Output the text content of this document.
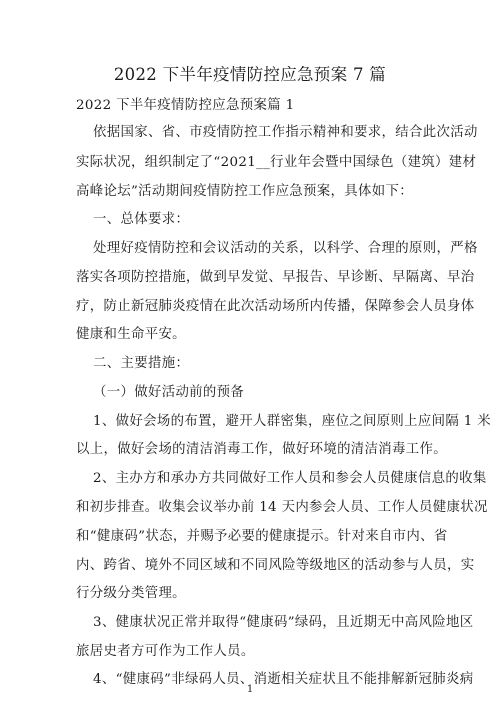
2022 下半年疫情防控应急预案 7 篇
2022 下半年疫情防控应急预案篇 1
依据国家、省、市疫情防控工作指示精神和要求，结合此次活动
实际状况，组织制定了“2021__行业年会暨中国绿色（建筑）建材
高峰论坛”活动期间疫情防控工作应急预案，具体如下：
一、总体要求：
处理好疫情防控和会议活动的关系，以科学、合理的原则，严格
落实各项防控措施，做到早发觉、早报告、早诊断、早隔离、早治
疗，防止新冠肺炎疫情在此次活动场所内传播，保障参会人员身体
健康和生命平安。
二、主要措施：
（一）做好活动前的预备
1、做好会场的布置，避开人群密集，座位之间原则上应间隔 1 米
以上，做好会场的清洁消毒工作，做好环境的清洁消毒工作。
2、主办方和承办方共同做好工作人员和参会人员健康信息的收集
和初步排查。收集会议举办前 14 天内参会人员、工作人员健康状况
和“健康码”状态，并赐予必要的健康提示。针对来自市内、省
内、跨省、境外不同区域和不同风险等级地区的活动参与人员，实
行分级分类管理。
3、健康状况正常并取得“健康码”绿码，且近期无中高风险地区
旅居史者方可作为工作人员。
4、“健康码”非绿码人员、消逝相关症状且不能排解新冠肺炎病
1
